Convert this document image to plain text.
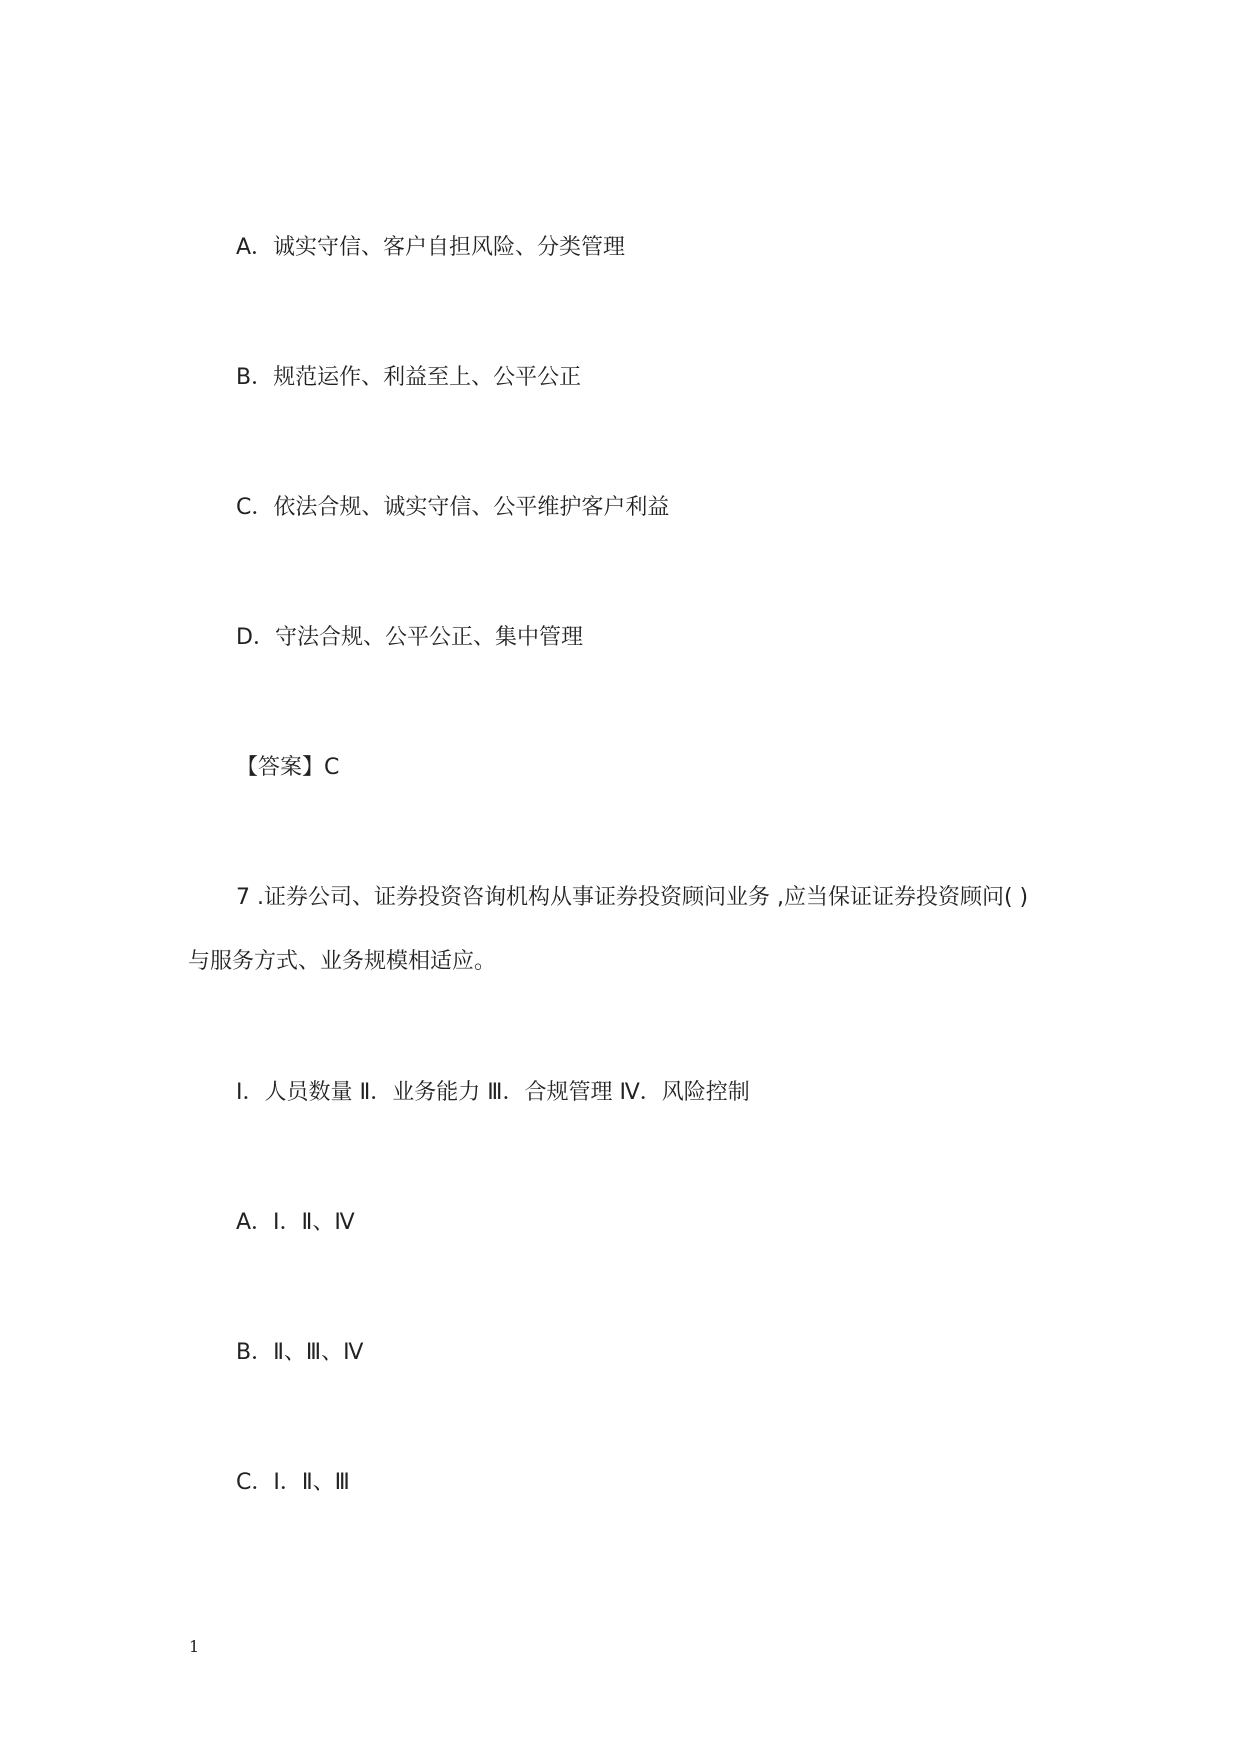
A．诚实守信、客户自担风险、分类管理
B．规范运作、利益至上、公平公正
C．依法合规、诚实守信、公平维护客户利益
D．守法合规、公平公正、集中管理
【答案】C
7 .证券公司、证券投资咨询机构从事证券投资顾问业务 ,应当保证证券投资顾问( )
与服务方式、业务规模相适应。
Ⅰ．人员数量 Ⅱ．业务能力 Ⅲ．合规管理 Ⅳ．风险控制
A．Ⅰ．Ⅱ、Ⅳ
B．Ⅱ、Ⅲ、Ⅳ
C．Ⅰ．Ⅱ、Ⅲ
1
